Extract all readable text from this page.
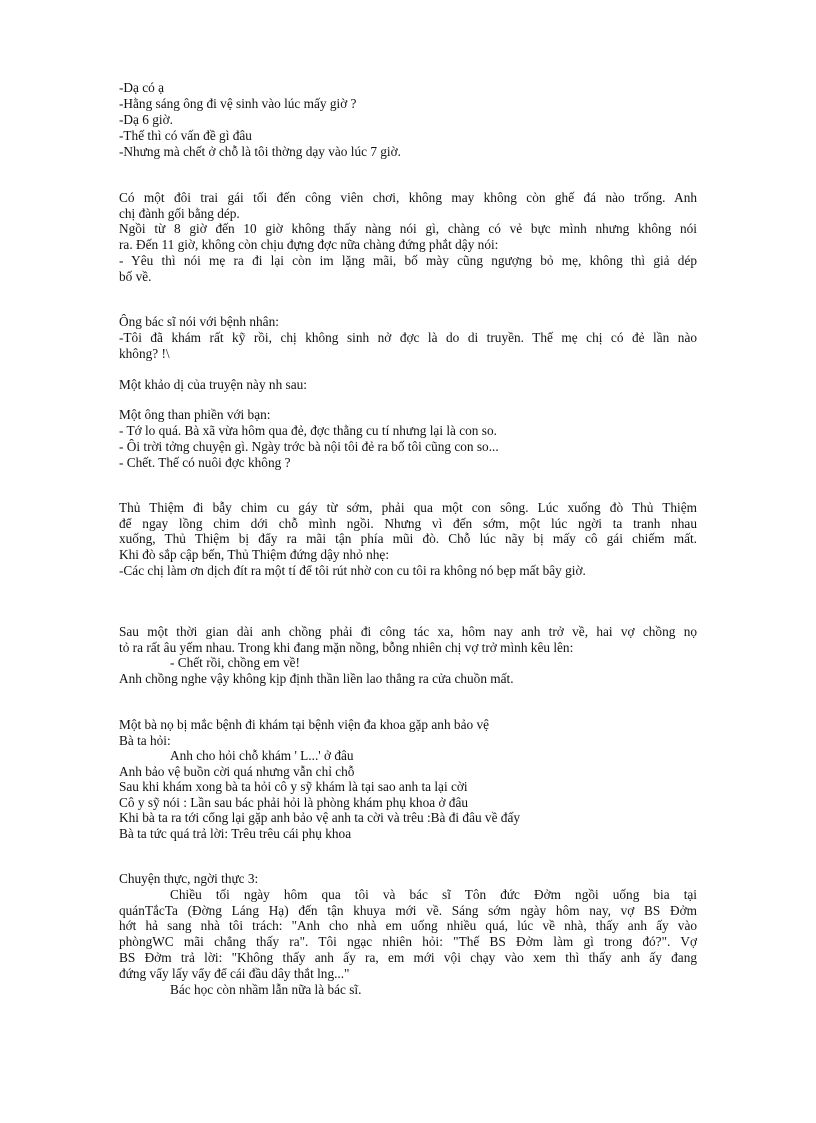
-Dạ có ạ
-Hằng sáng ông đi vệ sinh vào lúc mấy giờ ?
-Dạ 6 giờ.
-Thế thì có vấn đề gì đâu
-Nhưng mà chết ở chỗ là tôi thờng dạy vào lúc 7 giờ.
Có một đôi trai gái tối đến công viên chơi, không may không còn ghế đá nào trống. Anh
chị đành gối bằng dép.
Ngồi từ 8 giờ đến 10 giờ không thấy nàng nói gì, chàng có vẻ bực mình nhưng không nói
ra. Đến 11 giờ, không còn chịu đựng đợc nữa chàng đứng phắt dậy nói:
- Yêu thì nói mẹ ra đi lại còn im lặng mãi, bố mày cũng ngượng bỏ mẹ, không thì giả dép
bố về.
Ông bác sĩ nói với bệnh nhân:
-Tôi đã khám rất kỹ rồi, chị không sinh nở đợc là do di truyền. Thế mẹ chị có đẻ lần nào
không? !\
Một khảo dị của truyện này nh sau:
Một ông than phiền với bạn:
- Tớ lo quá. Bà xã vừa hôm qua đẻ, đợc thằng cu tí nhưng lại là con so.
- Ôi trời tởng chuyện gì. Ngày trớc bà nội tôi đẻ ra bố tôi cũng con so...
- Chết. Thế có nuôi đợc không ?
Thủ Thiệm đi bẫy chim cu gáy từ sớm, phải qua một con sông. Lúc xuống đò Thủ Thiệm
để ngay lồng chim dới chỗ mình ngồi. Nhưng vì đến sớm, một lúc ngời ta tranh nhau
xuống, Thủ Thiệm bị đẩy ra mãi tận phía mũi đò. Chỗ lúc nãy bị mấy cô gái chiếm mất.
Khi đò sắp cập bến, Thủ Thiệm đứng dậy nhỏ nhẹ:
-Các chị làm ơn dịch đít ra một tí để tôi rút nhờ con cu tôi ra không nó bẹp mất bây giờ.
Sau một thời gian dài anh chồng phải đi công tác xa, hôm nay anh trở về, hai vợ chồng nọ
tỏ ra rất âu yếm nhau. Trong khi đang mặn nồng, bỗng nhiên chị vợ trở mình kêu lên:
- Chết rồi, chồng em về!
Anh chồng nghe vậy không kịp định thần liền lao thẳng ra cửa chuồn mất.
Một bà nọ bị mắc bệnh đi khám tại bệnh viện đa khoa gặp anh bảo vệ
Bà ta hỏi:
Anh cho hỏi chỗ khám ' L...' ở đâu
Anh bảo vệ buồn cời quá nhưng vẫn chỉ chỗ
Sau khi khám xong bà ta hỏi cô y sỹ khám là tại sao anh ta lại cời
Cô y sỹ nói : Lần sau bác phải hỏi là phòng khám phụ khoa ở đâu
Khi bà ta ra tới cổng lại gặp anh bảo vệ anh ta cời và trêu :Bà đi đâu về đấy
Bà ta tức quá trả lời: Trêu trêu cái phụ khoa
Chuyện thực, ngời thực 3:
Chiều tối ngày hôm qua tôi và bác sĩ Tôn đức Đởm ngồi uống bia tại
quánTắcTa (Đờng Láng Hạ) đến tận khuya mới về. Sáng sớm ngày hôm nay, vợ BS Đởm
hớt hả sang nhà tôi trách: "Anh cho nhà em uống nhiều quá, lúc về nhà, thấy anh ấy vào
phòngWC mãi chẳng thấy ra". Tôi ngạc nhiên hỏi: "Thế BS Đởm làm gì trong đó?". Vợ
BS Đởm trả lời: "Không thấy anh ấy ra, em mới vội chạy vào xem thì thấy anh ấy đang
đứng vẩy lấy vẩy để cái đầu dây thắt lng..."
Bác học còn nhầm lẫn nữa là bác sĩ.
